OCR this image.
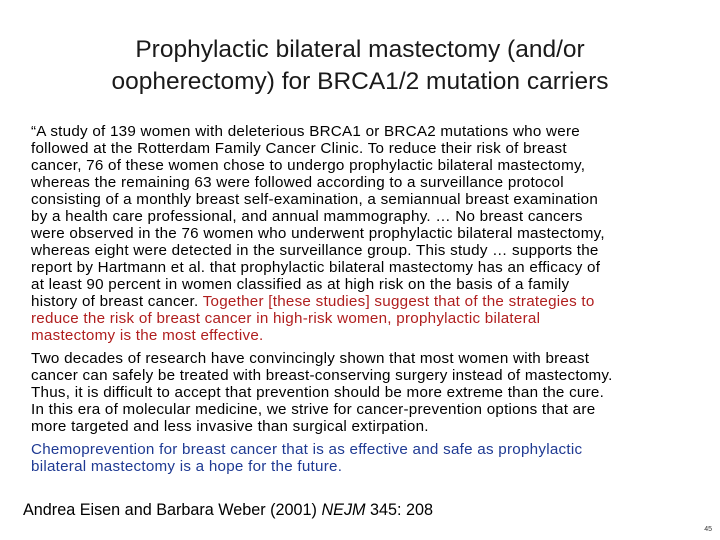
Prophylactic bilateral mastectomy (and/or
oopherectomy) for BRCA1/2 mutation carriers
“A study of 139 women with deleterious BRCA1 or BRCA2 mutations who were
followed at the Rotterdam Family Cancer Clinic. To reduce their risk of breast
cancer, 76 of these women chose to undergo prophylactic bilateral mastectomy,
whereas the remaining 63 were followed according to a surveillance protocol
consisting of a monthly breast self-examination, a semiannual breast examination
by a health care professional, and annual mammography. … No breast cancers
were observed in the 76 women who underwent prophylactic bilateral mastectomy,
whereas eight were detected in the surveillance group. This study … supports the
report by Hartmann et al. that prophylactic bilateral mastectomy has an efficacy of
at least 90 percent in women classified as at high risk on the basis of a family
history of breast cancer. Together [these studies] suggest that of the strategies to
reduce the risk of breast cancer in high-risk women, prophylactic bilateral
mastectomy is the most effective.
Two decades of research have convincingly shown that most women with breast
cancer can safely be treated with breast-conserving surgery instead of mastectomy.
Thus, it is difficult to accept that prevention should be more extreme than the cure.
In this era of molecular medicine, we strive for cancer-prevention options that are
more targeted and less invasive than surgical extirpation.
Chemoprevention for breast cancer that is as effective and safe as prophylactic
bilateral mastectomy is a hope for the future.
Andrea Eisen and Barbara Weber (2001) NEJM 345: 208
45
